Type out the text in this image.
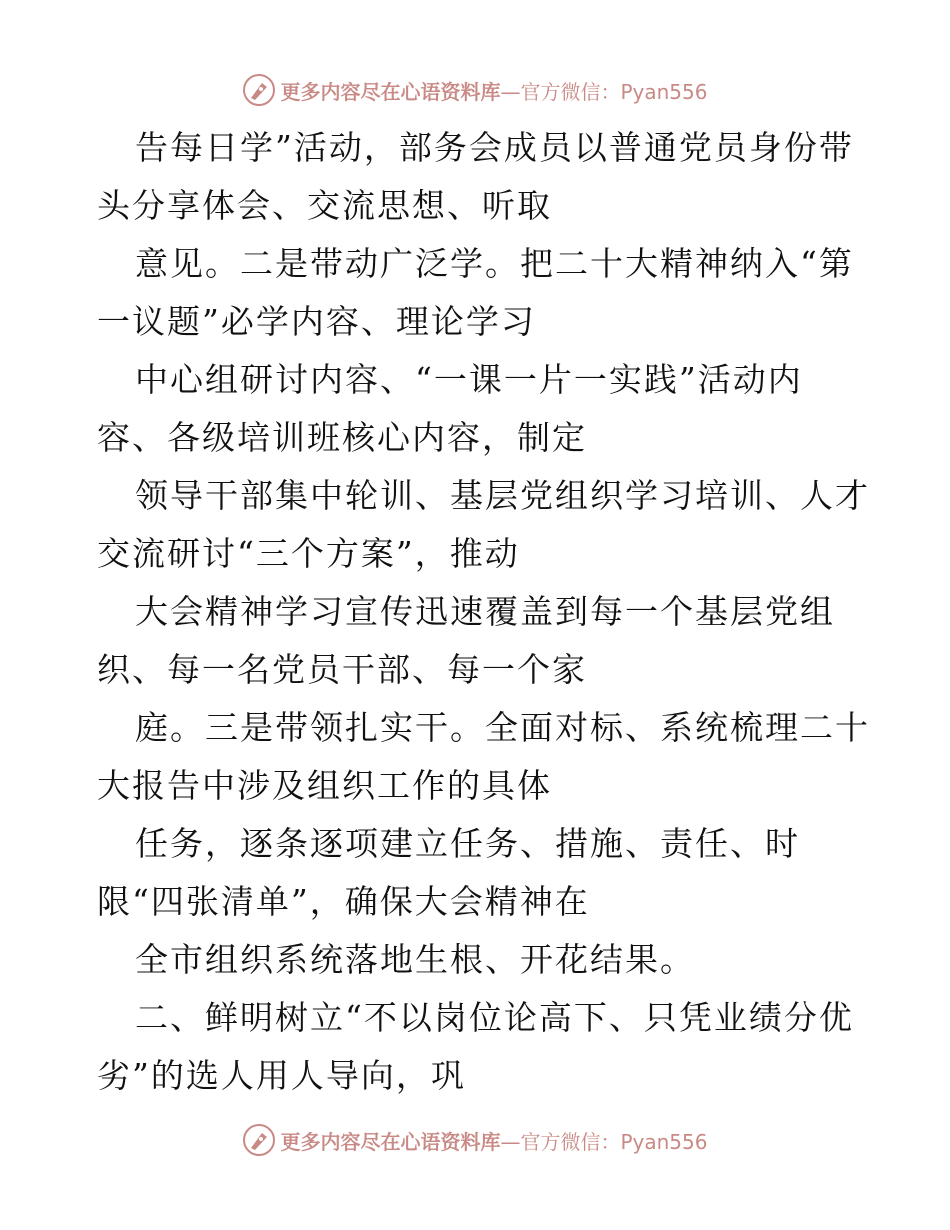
更多内容尽在心语资料库 —官方微信：Pyan556
告每日学”活动，部务会成员以普通党员身份带
头分享体会、交流思想、听取
意见。二是带动广泛学。把二十大精神纳入“第
一议题”必学内容、理论学习
中心组研讨内容、“一课一片一实践”活动内
容、各级培训班核心内容，制定
领导干部集中轮训、基层党组织学习培训、人才
交流研讨“三个方案”，推动
大会精神学习宣传迅速覆盖到每一个基层党组
织、每一名党员干部、每一个家
庭。三是带领扎实干。全面对标、系统梳理二十
大报告中涉及组织工作的具体
任务，逐条逐项建立任务、措施、责任、时
限“四张清单”，确保大会精神在
全市组织系统落地生根、开花结果。
二、鲜明树立“不以岗位论高下、只凭业绩分优
劣”的选人用人导向，巩
更多内容尽在心语资料库 —官方微信：Pyan556
